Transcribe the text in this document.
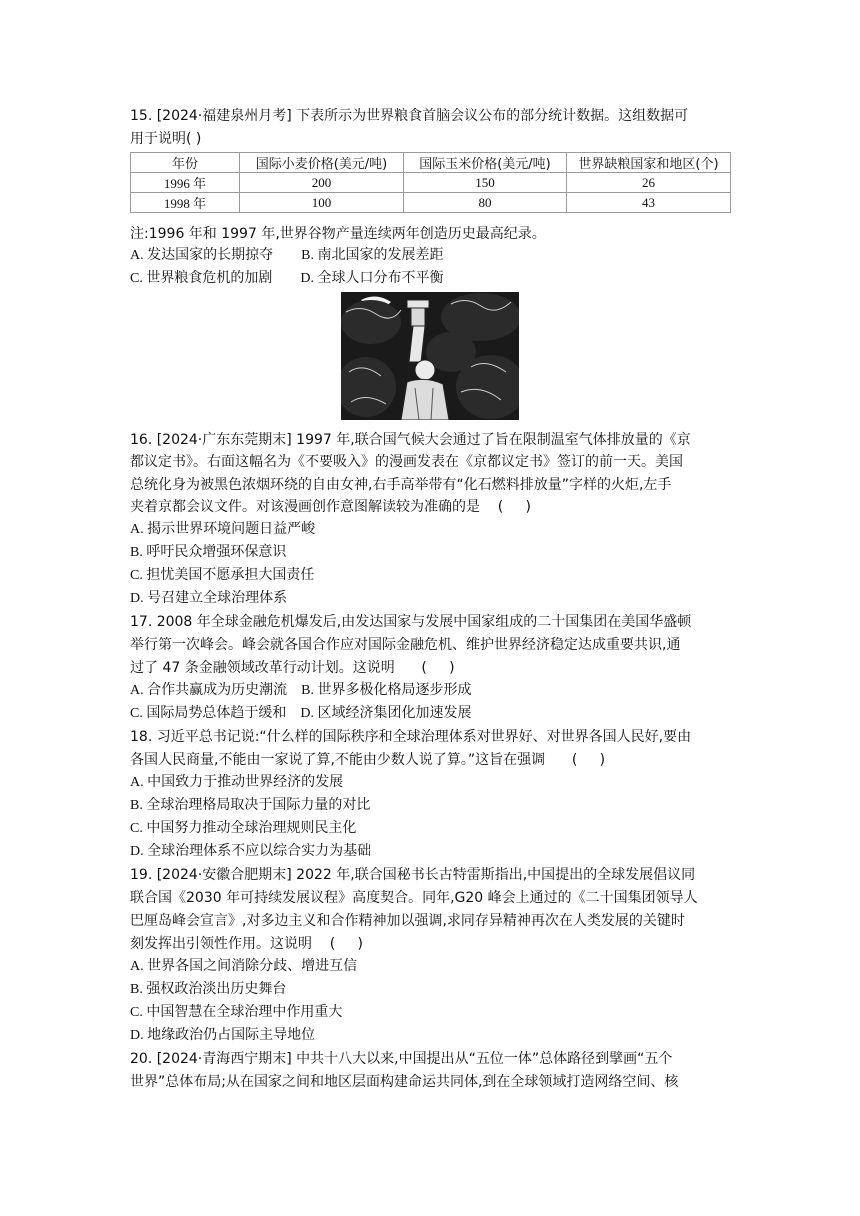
15. [2024·福建泉州月考] 下表所示为世界粮食首脑会议公布的部分统计数据。这组数据可
用于说明( )
年份	国际小麦价格(美元/吨)	国际玉米价格(美元/吨)	世界缺粮国家和地区(个)
1996 年	200	150	26
1998 年	100	80	43
注:1996 年和 1997 年,世界谷物产量连续两年创造历史最高纪录。
A. 发达国家的长期掠夺        B. 南北国家的发展差距
C. 世界粮食危机的加剧        D. 全球人口分布不平衡
16. [2024·广东东莞期末] 1997 年,联合国气候大会通过了旨在限制温室气体排放量的《京
都议定书》。右面这幅名为《不要吸入》的漫画发表在《京都议定书》签订的前一天。美国
总统化身为被黑色浓烟环绕的自由女神,右手高举带有“化石燃料排放量”字样的火炬,左手
夹着京都会议文件。对该漫画创作意图解读较为准确的是    (     )
A. 揭示世界环境问题日益严峻
B. 呼吁民众增强环保意识
C. 担忧美国不愿承担大国责任
D. 号召建立全球治理体系
17. 2008 年全球金融危机爆发后,由发达国家与发展中国家组成的二十国集团在美国华盛顿
举行第一次峰会。峰会就各国合作应对国际金融危机、维护世界经济稳定达成重要共识,通
过了 47 条金融领域改革行动计划。这说明      (     )
A. 合作共赢成为历史潮流    B. 世界多极化格局逐步形成
C. 国际局势总体趋于缓和    D. 区域经济集团化加速发展
18. 习近平总书记说:“什么样的国际秩序和全球治理体系对世界好、对世界各国人民好,要由
各国人民商量,不能由一家说了算,不能由少数人说了算。”这旨在强调      (     )
A. 中国致力于推动世界经济的发展
B. 全球治理格局取决于国际力量的对比
C. 中国努力推动全球治理规则民主化
D. 全球治理体系不应以综合实力为基础
19. [2024·安徽合肥期末] 2022 年,联合国秘书长古特雷斯指出,中国提出的全球发展倡议同
联合国《2030 年可持续发展议程》高度契合。同年,G20 峰会上通过的《二十国集团领导人
巴厘岛峰会宣言》,对多边主义和合作精神加以强调,求同存异精神再次在人类发展的关键时
刻发挥出引领性作用。这说明    (     )
A. 世界各国之间消除分歧、增进互信
B. 强权政治淡出历史舞台
C. 中国智慧在全球治理中作用重大
D. 地缘政治仍占国际主导地位
20. [2024·青海西宁期末] 中共十八大以来,中国提出从“五位一体”总体路径到擘画“五个
世界”总体布局;从在国家之间和地区层面构建命运共同体,到在全球领域打造网络空间、核
